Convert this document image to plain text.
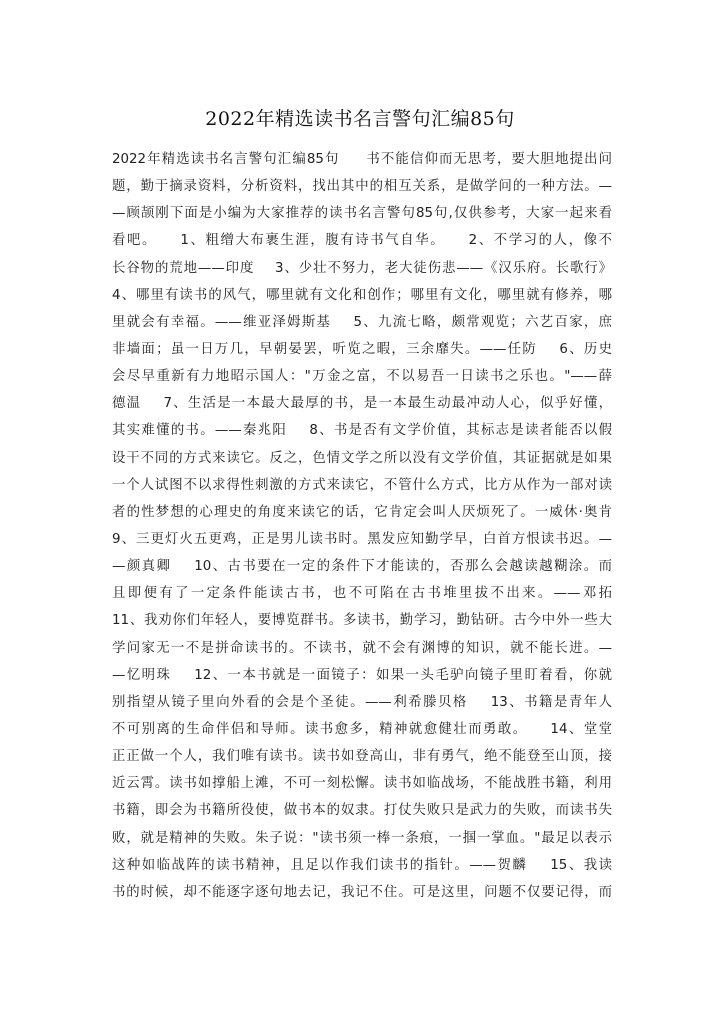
2022年精选读书名言警句汇编85句
2022年精选读书名言警句汇编85句     书不能信仰而无思考，要大胆地提出问
题，勤于摘录资料，分析资料，找出其中的相互关系，是做学问的一种方法。—
—顾颉刚下面是小编为大家推荐的读书名言警句85句,仅供参考，大家一起来看
看吧。    1、粗缯大布裹生涯，腹有诗书气自华。    2、不学习的人，像不
长谷物的荒地——印度    3、少壮不努力，老大徒伤悲——《汉乐府。长歌行》
4、哪里有读书的风气，哪里就有文化和创作；哪里有文化，哪里就有修养，哪
里就会有幸福。——维亚泽姆斯基    5、九流七略，颇常观览；六艺百家，庶
非墙面；虽一日万几，早朝晏罢，听览之暇，三余靡失。——任防    6、历史
会尽早重新有力地昭示国人："万金之富，不以易吾一日读书之乐也。"——薛
德温    7、生活是一本最大最厚的书，是一本最生动最冲动人心，似乎好懂，
其实难懂的书。——秦兆阳    8、书是否有文学价值，其标志是读者能否以假
设干不同的方式来读它。反之，色情文学之所以没有文学价值，其证据就是如果
一个人试图不以求得性刺激的方式来读它，不管什么方式，比方从作为一部对读
者的性梦想的心理史的角度来读它的话，它肯定会叫人厌烦死了。一威休·奥肯
9、三更灯火五更鸡，正是男儿读书时。黑发应知勤学早，白首方恨读书迟。—
—颜真卿    10、古书要在一定的条件下才能读的，否那么会越读越糊涂。而
且即便有了一定条件能读古书，也不可陷在古书堆里拔不出来。——邓拓
11、我劝你们年轻人，要博览群书。多读书，勤学习，勤钻研。古今中外一些大
学问家无一不是拼命读书的。不读书，就不会有渊博的知识，就不能长进。—
—忆明珠    12、一本书就是一面镜子：如果一头毛驴向镜子里盯着看，你就
别指望从镜子里向外看的会是个圣徒。——利希滕贝格    13、书籍是青年人
不可别离的生命伴侣和导师。读书愈多，精神就愈健壮而勇敢。    14、堂堂
正正做一个人，我们唯有读书。读书如登高山，非有勇气，绝不能登至山顶，接
近云霄。读书如撑船上滩，不可一刻松懈。读书如临战场，不能战胜书籍，利用
书籍，即会为书籍所役使，做书本的奴隶。打仗失败只是武力的失败，而读书失
败，就是精神的失败。朱子说："读书须一棒一条痕，一掴一掌血。"最足以表示
这种如临战阵的读书精神，且足以作我们读书的指针。——贺麟    15、我读
书的时候，却不能逐字逐句地去记，我记不住。可是这里，问题不仅要记得，而
